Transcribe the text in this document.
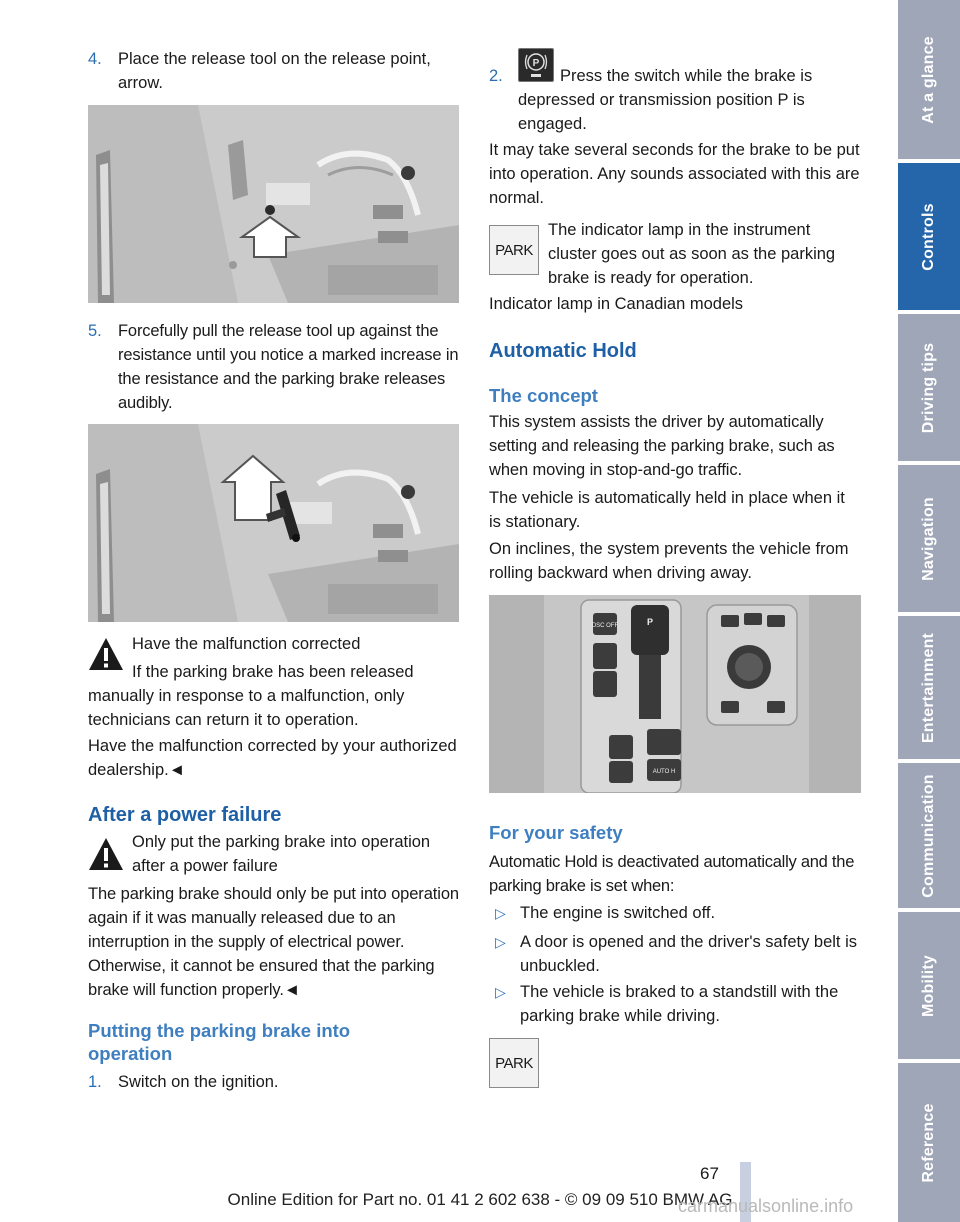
4. Place the release tool on the release point, arrow.

5. Forcefully pull the release tool up against the resistance until you notice a marked increase in the resistance and the parking brake releases audibly.

Have the malfunction corrected

If the parking brake has been released

manually in response to a malfunction, only technicians can return it to operation.

Have the malfunction corrected by your authorized dealership.◄

After a power failure

Only put the parking brake into operation after a power failure

The parking brake should only be put into operation again if it was manually released due to an interruption in the supply of electrical power. Otherwise, it cannot be ensured that the parking brake will function properly.◄

Putting the parking brake into operation

1. Switch on the ignition.

2.
P

Press the switch while the brake is depressed or transmission position P is engaged.

It may take several seconds for the brake to be put into operation. Any sounds associated with this are normal.

PARK

The indicator lamp in the instrument cluster goes out as soon as the parking brake is ready for operation.

Indicator lamp in Canadian models

Automatic Hold

The concept

This system assists the driver by automatically setting and releasing the parking brake, such as when moving in stop-and-go traffic.

The vehicle is automatically held in place when it is stationary.

On inclines, the system prevents the vehicle from rolling backward when driving away.

DSC OFF	P
AUTO H

For your safety

Automatic Hold is deactivated automatically and the parking brake is set when:

▷ The engine is switched off.

▷ A door is opened and the driver's safety belt is unbuckled.

▷ The vehicle is braked to a standstill with the parking brake while driving.

PARK
At a glance
Controls
Driving tips
Navigation
Entertainment
Communication
Mobility
Reference
67
Online Edition for Part no. 01 41 2 602 638 - © 09 09 510 BMW AG
carmanualsonline.info
